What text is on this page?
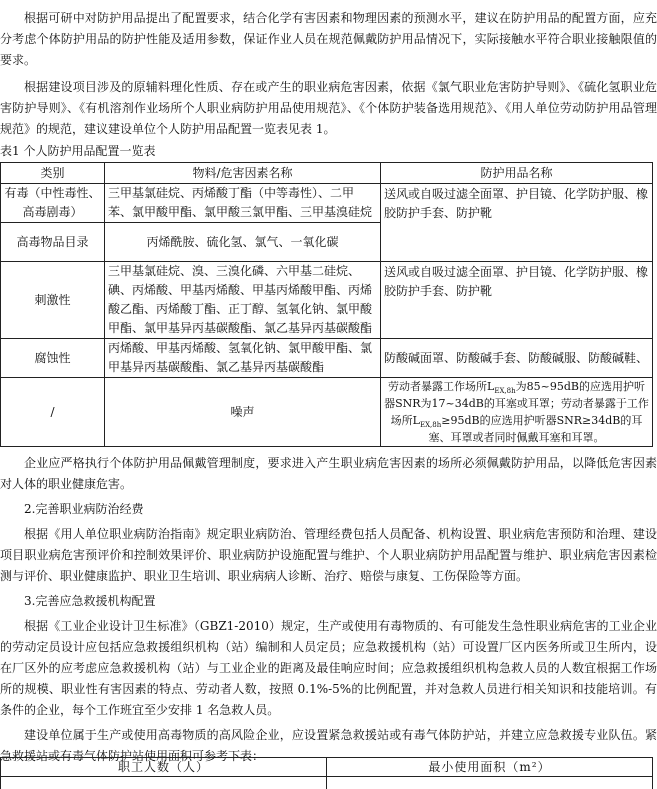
根据可研中对防护用品提出了配置要求，结合化学有害因素和物理因素的预测水平，建议在防护用品的配置方面，应充分考虑个体防护用品的防护性能及适用参数，保证作业人员在规范佩戴防护用品情况下，实际接触水平符合职业接触限值的要求。

根据建设项目涉及的原辅料理化性质、存在或产生的职业病危害因素，依据《氯气职业危害防护导则》、《硫化氢职业危害防护导则》、《有机溶剂作业场所个人职业病防护用品使用规范》、《个体防护装备选用规范》、《用人单位劳动防护用品管理规范》的规范，建议建设单位个人防护用品配置一览表见表 1。

表1 个人防护用品配置一览表

类别	物料/危害因素名称	防护用品名称
有毒（中性毒性、高毒剧毒）	三甲基氯硅烷、丙烯酸丁酯（中等毒性）、二甲苯、氯甲酸甲酯、氯甲酸三氯甲酯、三甲基溴硅烷	送风或自吸过滤全面罩、护目镜、化学防护服、橡胶防护手套、防护靴
高毒物品目录	丙烯酰胺、硫化氢、氯气、一氧化碳	
刺激性	三甲基氯硅烷、溴、三溴化磷、六甲基二硅烷、碘、丙烯酸、甲基丙烯酸、甲基丙烯酸甲酯、丙烯酸乙酯、丙烯酸丁酯、正丁醇、氢氧化钠、氯甲酸甲酯、氯甲基异丙基碳酸酯、氯乙基异丙基碳酸酯	送风或自吸过滤全面罩、护目镜、化学防护服、橡胶防护手套、防护靴
腐蚀性	丙烯酸、甲基丙烯酸、氢氧化钠、氯甲酸甲酯、氯甲基异丙基碳酸酯、氯乙基异丙基碳酸酯	防酸碱面罩、防酸碱手套、防酸碱服、防酸碱鞋、
/	噪声	劳动者暴露工作场所$L_{EX,8h}$为85~95dB的应选用护听器SNR为17~34dB的耳塞或耳罩；劳动者暴露于工作场所$L_{EX,8h}\ge 95dB$的应选用护听器SNR≥34dB的耳塞、耳罩或者同时佩戴耳塞和耳罩。

企业应严格执行个体防护用品佩戴管理制度，要求进入产生职业病危害因素的场所必须佩戴防护用品，以降低危害因素对人体的职业健康危害。

2.完善职业病防治经费

根据《用人单位职业病防治指南》规定职业病防治、管理经费包括人员配备、机构设置、职业病危害预防和治理、建设项目职业病危害预评价和控制效果评价、职业病防护设施配置与维护、个人职业病防护用品配置与维护、职业病危害因素检测与评价、职业健康监护、职业卫生培训、职业病病人诊断、治疗、赔偿与康复、工伤保险等方面。

3.完善应急救援机构配置

根据《工业企业设计卫生标准》（GBZ1-2010）规定，生产或使用有毒物质的、有可能发生急性职业病危害的工业企业的劳动定员设计应包括应急救援组织机构（站）编制和人员定员；应急救援机构（站）可设置厂区内医务所或卫生所内，设在厂区外的应考虑应急救援机构（站）与工业企业的距离及最佳响应时间；应急救援组织机构急救人员的人数宜根据工作场所的规模、职业性有害因素的特点、劳动者人数，按照 0.1%-5%的比例配置，并对急救人员进行相关知识和技能培训。有条件的企业，每个工作班宜至少安排 1 名急救人员。

建设单位属于生产或使用高毒物质的高风险企业，应设置紧急救援站或有毒气体防护站，并建立应急救援专业队伍。紧急救援站或有毒气体防护站使用面积可参考下表：

职工人数（人）	最小使用面积（m²）
